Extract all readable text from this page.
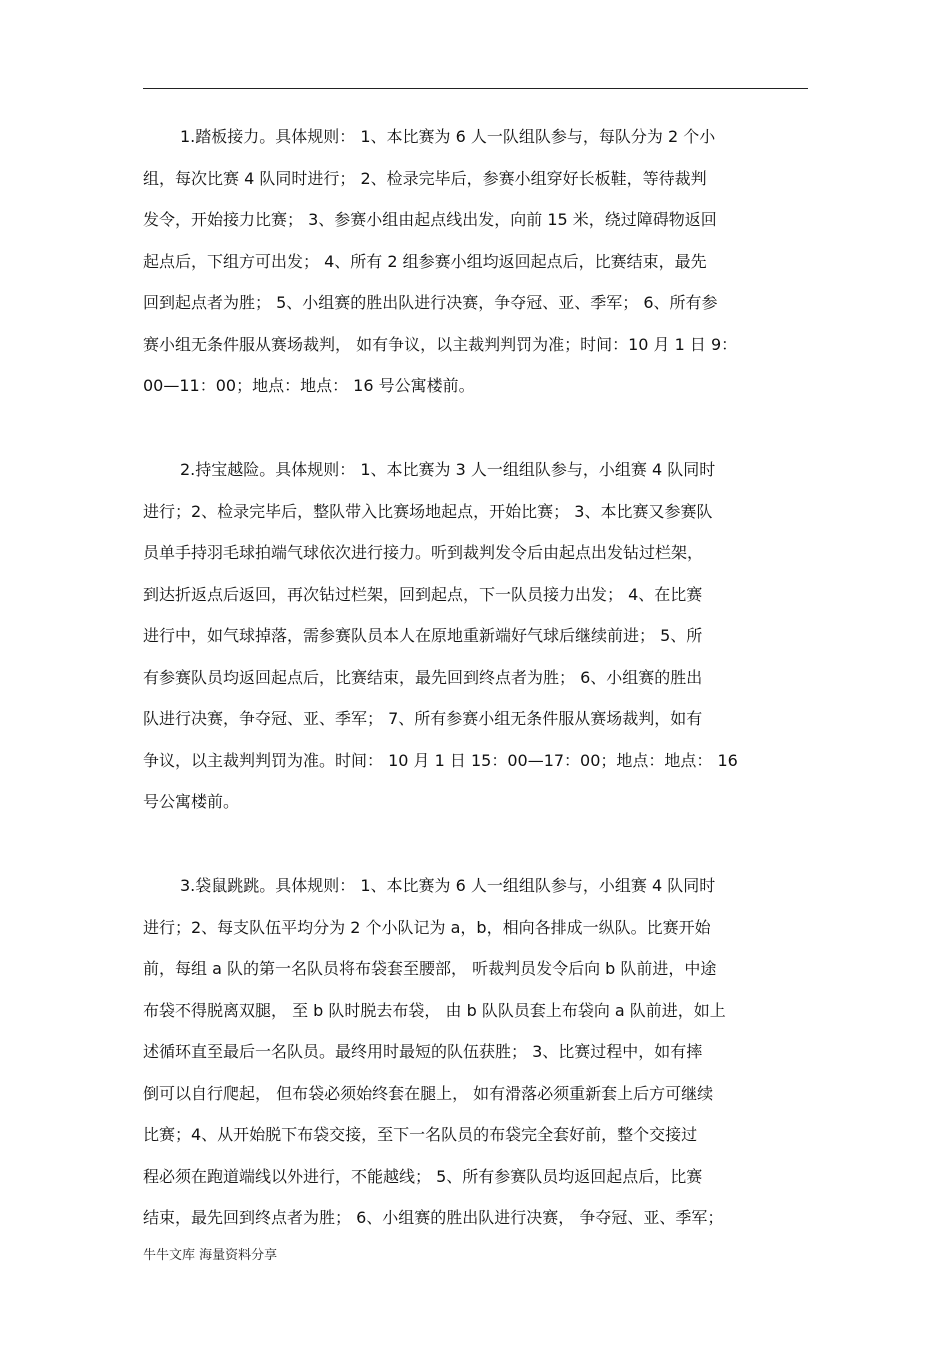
1.踏板接力。具体规则： 1、本比赛为 6 人一队组队参与，每队分为 2 个小
组，每次比赛 4 队同时进行； 2、检录完毕后，参赛小组穿好长板鞋，等待裁判
发令，开始接力比赛； 3、参赛小组由起点线出发，向前 15 米，绕过障碍物返回
起点后，下组方可出发； 4、所有 2 组参赛小组均返回起点后，比赛结束，最先
回到起点者为胜； 5、小组赛的胜出队进行决赛，争夺冠、亚、季军； 6、所有参
赛小组无条件服从赛场裁判， 如有争议，以主裁判判罚为准；时间：10 月 1 日 9：
00—11：00；地点：地点： 16 号公寓楼前。
2.持宝越险。具体规则： 1、本比赛为 3 人一组组队参与，小组赛 4 队同时
进行；2、检录完毕后，整队带入比赛场地起点，开始比赛； 3、本比赛又参赛队
员单手持羽毛球拍端气球依次进行接力。听到裁判发令后由起点出发钻过栏架，
到达折返点后返回，再次钻过栏架，回到起点，下一队员接力出发； 4、在比赛
进行中，如气球掉落，需参赛队员本人在原地重新端好气球后继续前进； 5、所
有参赛队员均返回起点后，比赛结束，最先回到终点者为胜； 6、小组赛的胜出
队进行决赛，争夺冠、亚、季军； 7、所有参赛小组无条件服从赛场裁判，如有
争议，以主裁判判罚为准。时间： 10 月 1 日 15：00—17：00；地点：地点： 16
号公寓楼前。
3.袋鼠跳跳。具体规则： 1、本比赛为 6 人一组组队参与，小组赛 4 队同时
进行；2、每支队伍平均分为 2 个小队记为 a，b，相向各排成一纵队。比赛开始
前，每组 a 队的第一名队员将布袋套至腰部， 听裁判员发令后向 b 队前进，中途
布袋不得脱离双腿， 至 b 队时脱去布袋， 由 b 队队员套上布袋向 a 队前进，如上
述循环直至最后一名队员。最终用时最短的队伍获胜； 3、比赛过程中，如有摔
倒可以自行爬起， 但布袋必须始终套在腿上， 如有滑落必须重新套上后方可继续
比赛；4、从开始脱下布袋交接，至下一名队员的布袋完全套好前，整个交接过
程必须在跑道端线以外进行，不能越线； 5、所有参赛队员均返回起点后，比赛
结束，最先回到终点者为胜； 6、小组赛的胜出队进行决赛， 争夺冠、亚、季军；
牛牛文库 海量资料分享
